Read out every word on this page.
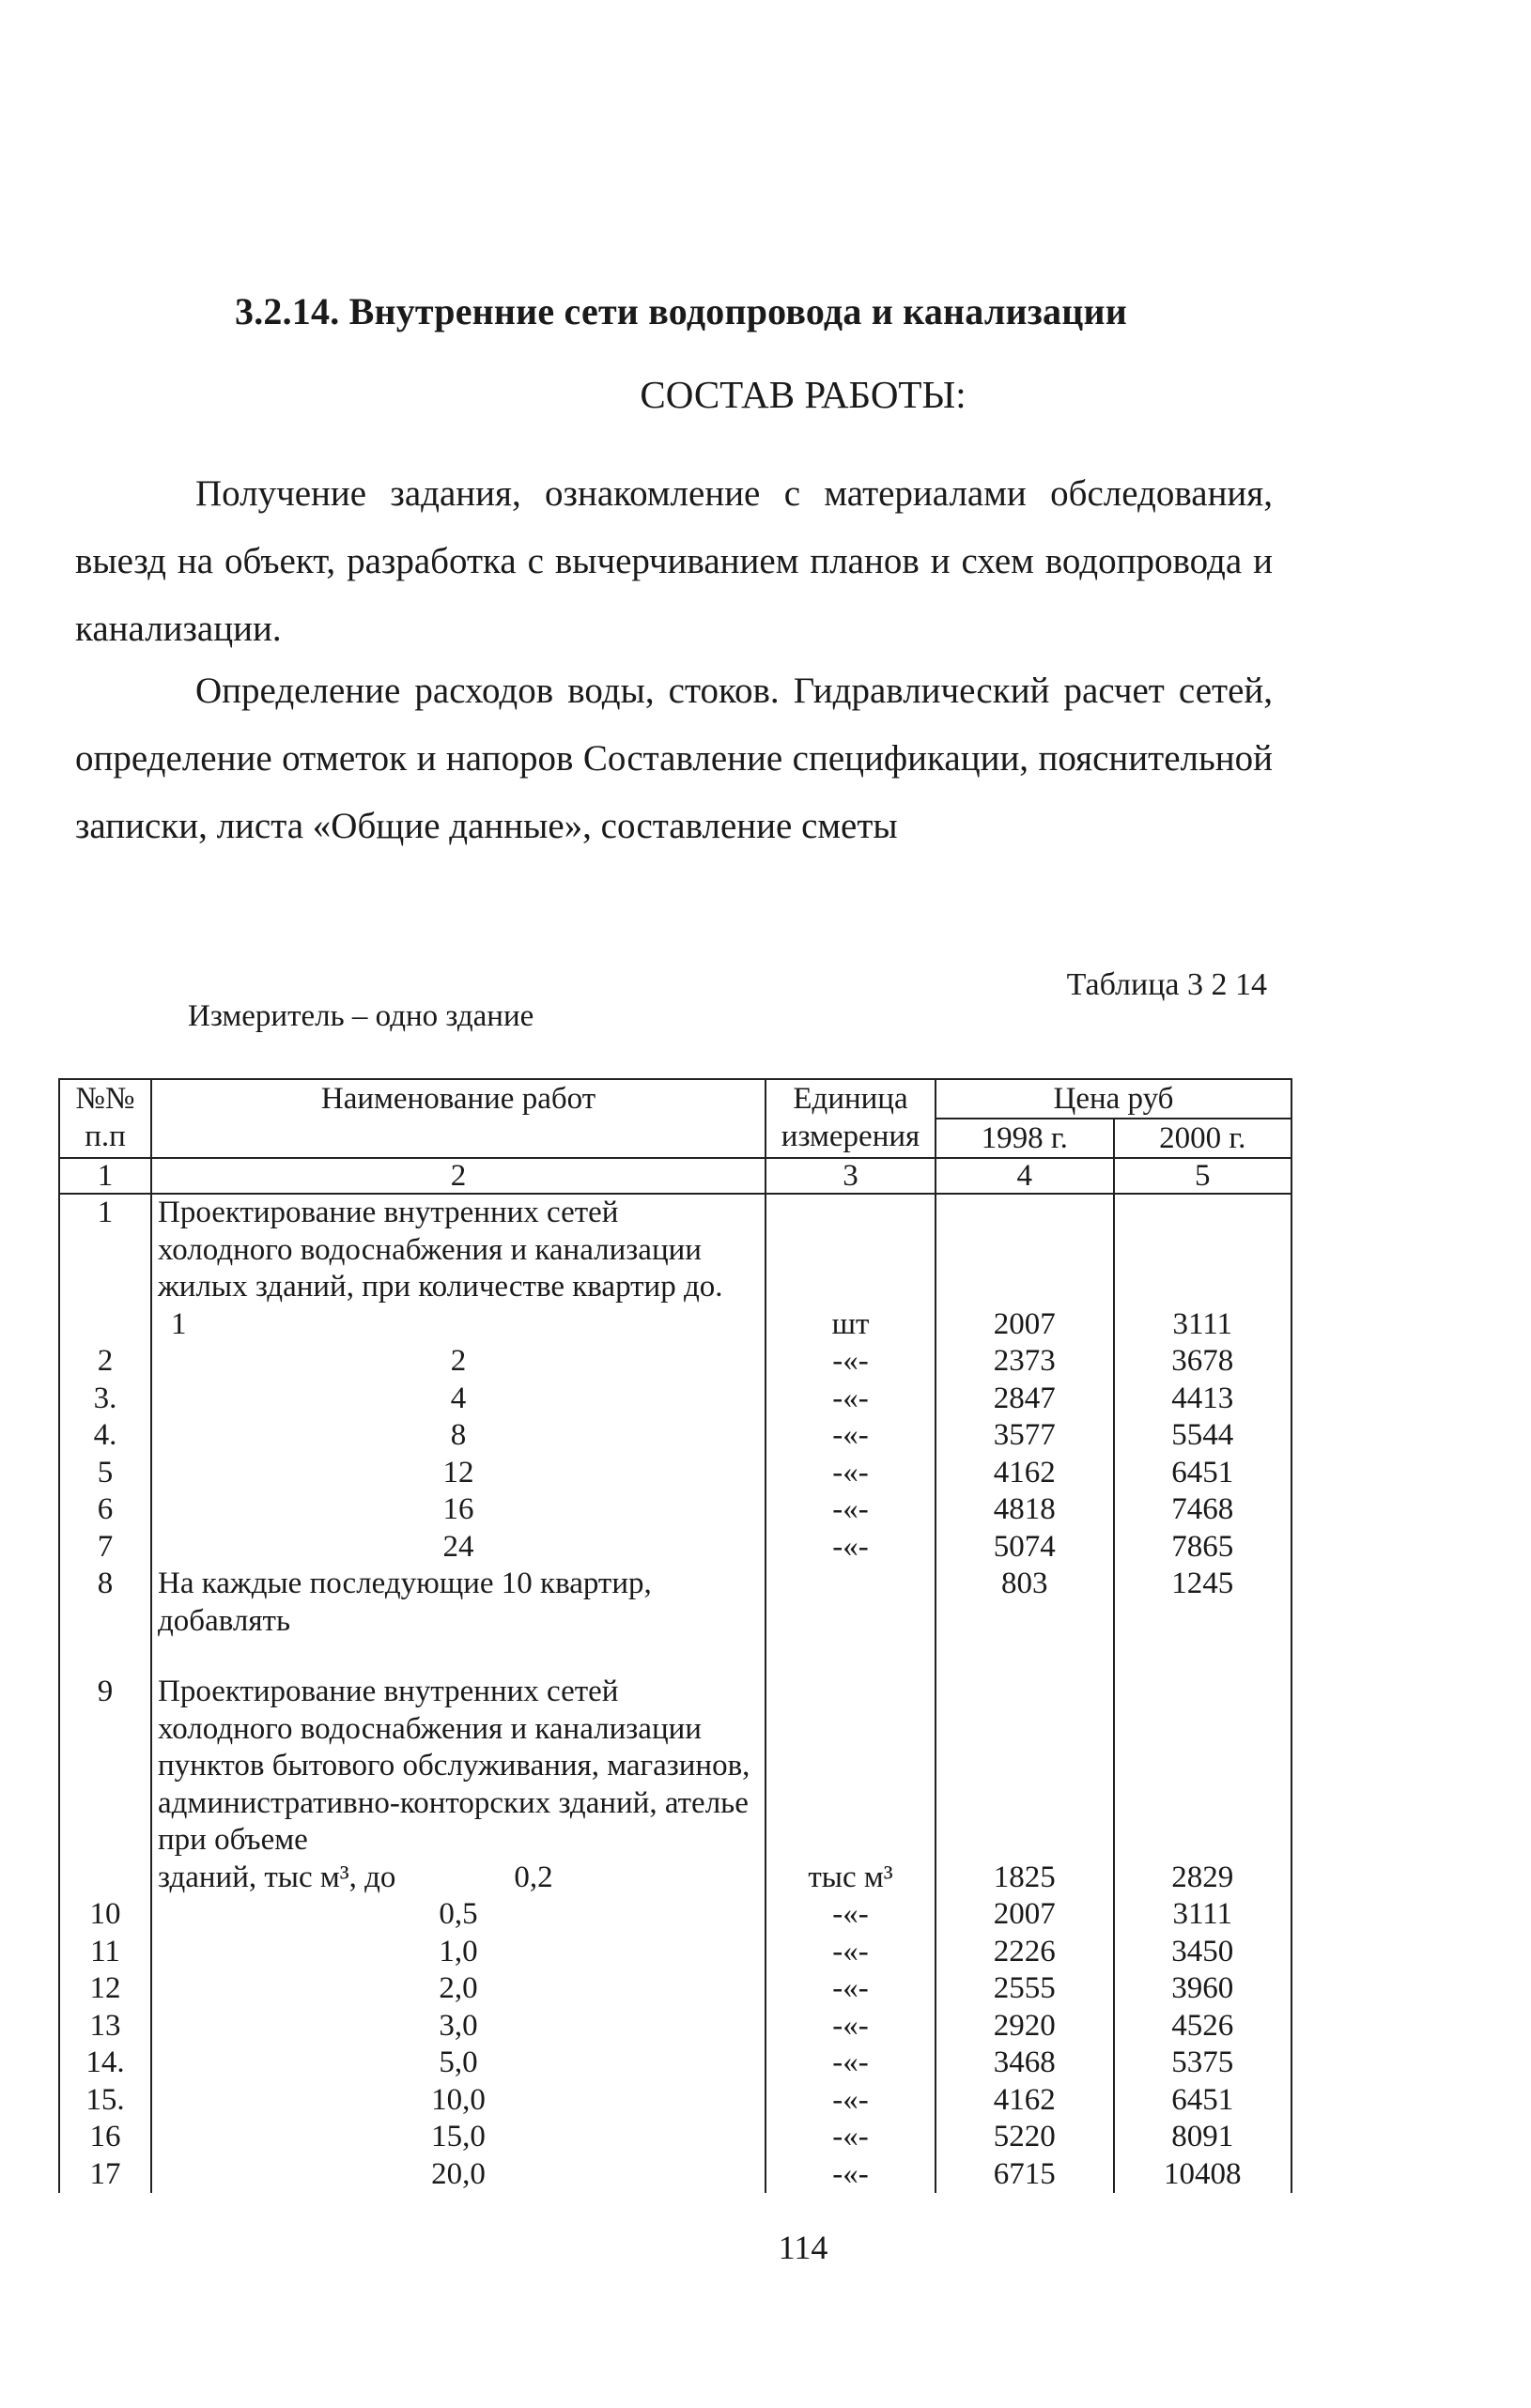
3.2.14. Внутренние сети водопровода и канализации
СОСТАВ РАБОТЫ:
Получение задания, ознакомление с материалами обследования, выезд на объект, разработка с вычерчиванием планов и схем водопровода и канализации.
Определение расходов воды, стоков. Гидравлический расчет сетей, определение отметок и напоров Составление спецификации, пояснительной записки, листа «Общие данные», составление сметы
Таблица 3 2 14
Измеритель – одно здание
№№ п.п	Наименование работ	Единица измерения	Цена руб	
			1998 г.	2000 г.
1	2	3	4	5
1	Проектирование внутренних сетей холодного водоснабжения и канализации жилых зданий, при количестве квартир до. 1	шт	2007	3111
2	2	-«-	2373	3678
3.	4	-«-	2847	4413
4.	8	-«-	3577	5544
5	12	-«-	4162	6451
6	16	-«-	4818	7468
7	24	-«-	5074	7865
8	На каждые последующие 10 квартир, добавлять		803	1245

9	Проектирование внутренних сетей холодного водоснабжения и канализации пунктов бытового обслуживания, магазинов, административно-конторских зданий, ателье при объеме
зданий, тыс м³, до 0,2	тыс м³	1825	2829
10	0,5	-«-	2007	3111
11	1,0	-«-	2226	3450
12	2,0	-«-	2555	3960
13	3,0	-«-	2920	4526
14.	5,0	-«-	3468	5375
15.	10,0	-«-	4162	6451
16	15,0	-«-	5220	8091
17	20,0	-«-	6715	10408
114
